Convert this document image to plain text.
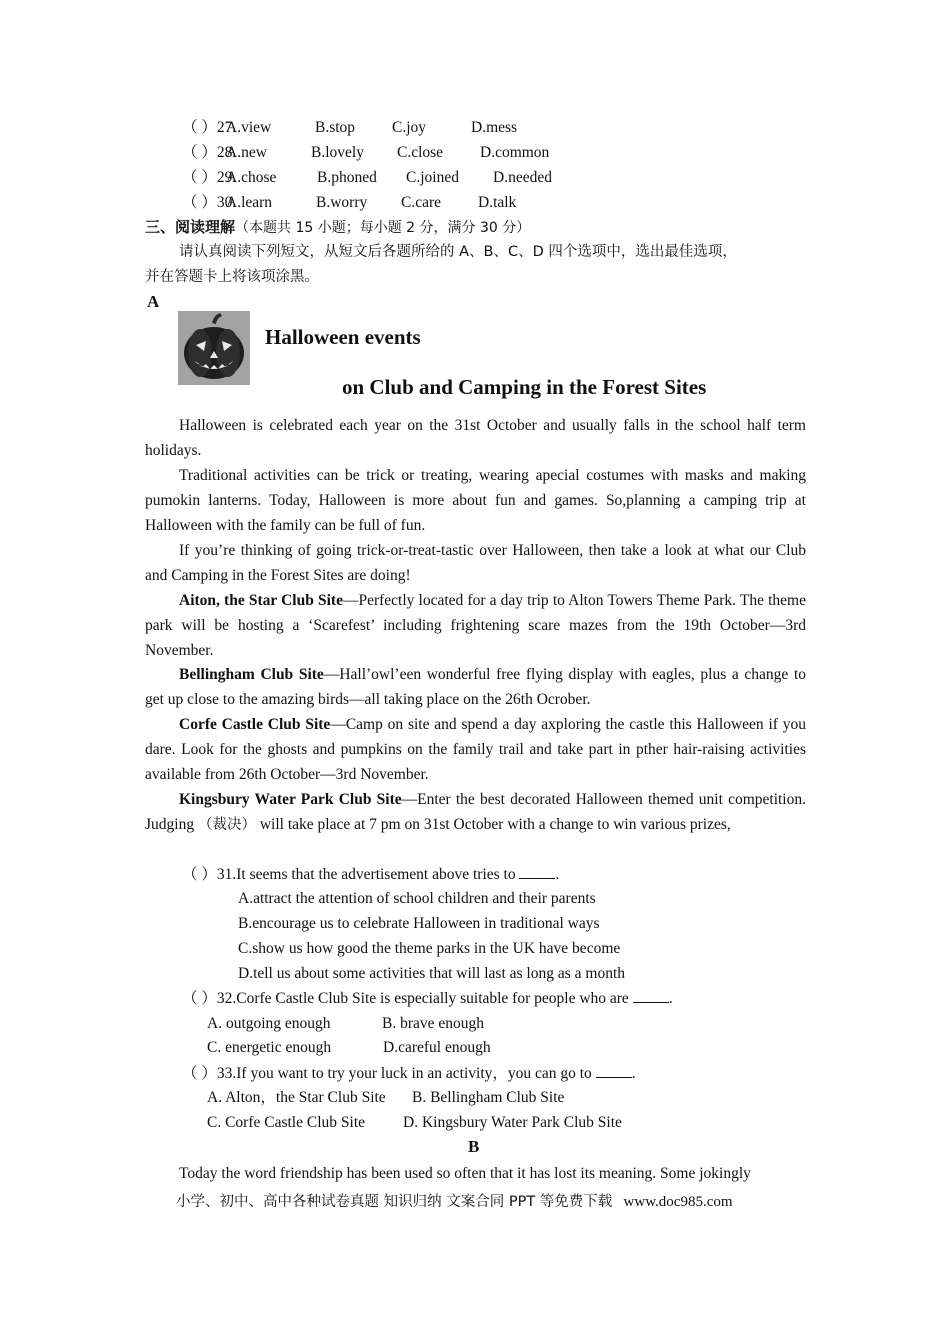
（ ）27.
A.view	B.stop C.joy	D.mess
（ ）28.
A.new	B.lovely C.close D.common
（ ）29.
A.chose	B.phoned C.joined D.needed
（ ）30.
A.learn	B.worry C.care D.talk
三、阅读理解（本题共 15 小题；每小题 2 分，满分 30 分）
请认真阅读下列短文，从短文后各题所给的 A、B、C、D 四个选项中，选出最佳选项，
并在答题卡上将该项涂黑。
A
Halloween events
on Club and Camping in the Forest Sites
Halloween is celebrated each year on the 31st October and usually falls in the school half term holidays.
Traditional activities can be trick or treating, wearing apecial costumes with masks and making pumokin lanterns. Today, Halloween is more about fun and games. So,planning a camping trip at Halloween with the family can be full of fun.
If you’re thinking of going trick-or-treat-tastic over Halloween, then take a look at what our Club and Camping in the Forest Sites are doing!
Aiton, the Star Club Site—Perfectly located for a day trip to Alton Towers Theme Park. The theme park will be hosting a ‘Scarefest’ including frightening scare mazes from the 19th October—3rd November.
Bellingham Club Site—Hall’owl’een wonderful free flying display with eagles, plus a change to get up close to the amazing birds—all taking place on the 26th Ocrober.
Corfe Castle Club Site—Camp on site and spend a day axploring the castle this Halloween if you dare. Look for the ghosts and pumpkins on the family trail and take part in pther hair-raising activities available from 26th October—3rd November.
Kingsbury Water Park Club Site—Enter the best decorated Halloween themed unit competition. Judging （裁决） will take place at 7 pm on 31st October with a change to win various prizes,
（ ）31.It seems that the advertisement above tries to	.
A.attract the attention of school children and their parents
B.encourage us to celebrate Halloween in traditional ways
C.show us how good the theme parks in the UK have become
D.tell us about some activities that will last as long as a month
（ ）32.Corfe Castle Club Site is especially suitable for people who are	.
A. outgoing enough	B. brave enough
C. energetic enough	D.careful enough
（ ）33.If you want to try your luck in an activity，you can go to	.
A. Alton，the Star Club Site B. Bellingham Club Site
C. Corfe Castle Club Site D. Kingsbury Water Park Club Site
B
Today the word friendship has been used so often that it has lost its meaning. Some jokingly
小学、初中、高中各种试卷真题 知识归纳 文案合同 PPT 等免费下载 www.doc985.com
